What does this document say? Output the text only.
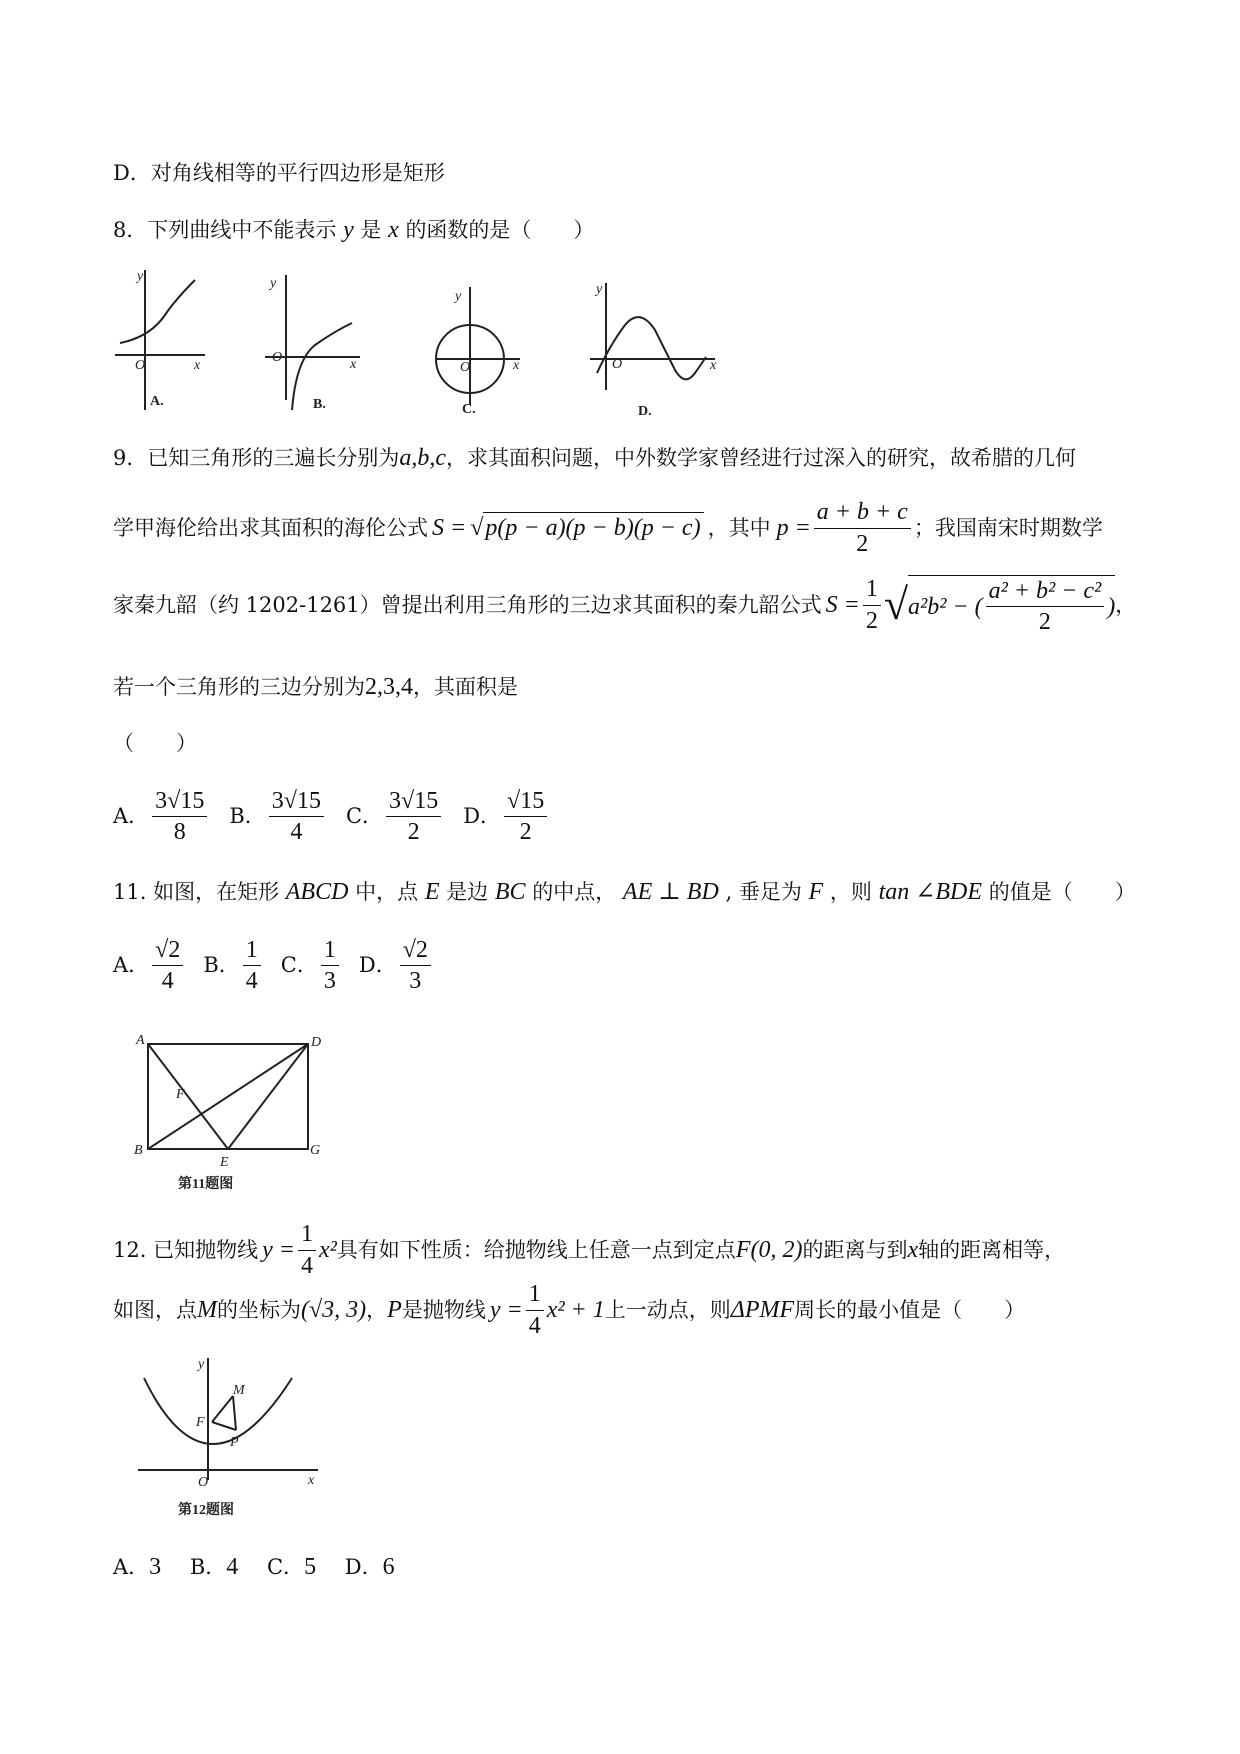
D．对角线相等的平行四边形是矩形
8．下列曲线中不能表示 y 是 x 的函数的是（　　）
y
x
O
A.
y
x
O
B.
y
x
O
C.
y
x
O
D.
9．已知三角形的三遍长分别为a,b,c，求其面积问题，中外数学家曾经进行过深入的研究，故希腊的几何
学甲海伦给出求其面积的海伦公式 S = √p(p − a)(p − b)(p − c) ，其中 $p = \frac{a + b + c}{2}$ ；我国南宋时期数学
家秦九韶（约 1202-1261）曾提出利用三角形的三边求其面积的秦九韶公式 $S = \frac{1}{2}$ √ a²b² − ( $\frac{\text{a² + b² − c²}}{2}$ ) ，
若一个三角形的三边分别为2,3,4，其面积是
（　　）
A． $\frac{3√15}{8}$ B． $\frac{3√15}{4}$ C． $\frac{3√15}{2}$ D． $\frac{√15}{2}$
11. 如图，在矩形 ABCD 中，点 E 是边 BC 的中点， AE ⊥ BD , 垂足为 F ，则 tan ∠BDE 的值是（　　）
A． $\frac{√2}{4}$ B． $\frac{1}{4}$ C． $\frac{1}{3}$ D． $\frac{√2}{3}$
A	D
B	G
E
F
第11题图
12. 已知抛物线 $y = \frac{1}{4} x^2$ 具有如下性质：给抛物线上任意一点到定点 F(0, 2) 的距离与到 x 轴的距离相等，
如图，点 M 的坐标为 (√3, 3) ， P 是抛物线 $y = \frac{1}{4} x^2 + 1$ 上一动点，则 ΔPMF 周长的最小值是（　　）
y
x
O
M
F
P
第12题图
A．3 B．4 C．5 D．6
